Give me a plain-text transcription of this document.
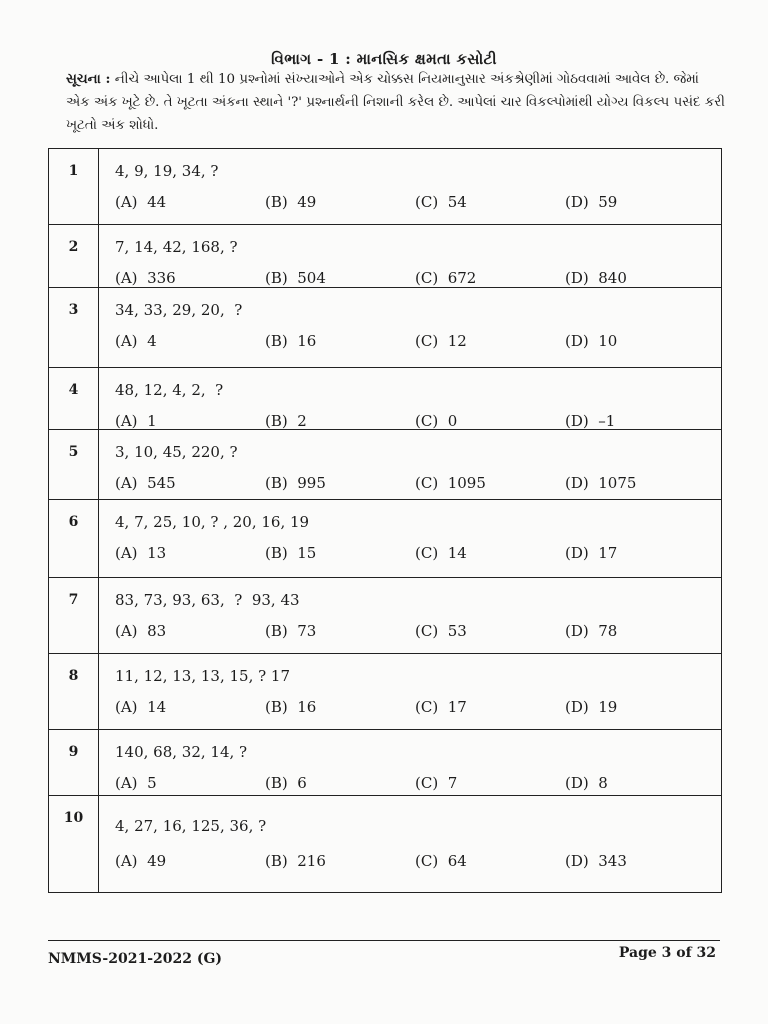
વિભાગ - 1 : માનસિક ક્ષમતા કસોટી
સૂચના : નીચે આપેલા 1 થી 10 પ્રશ્નોમાં સંખ્યાઓને એક ચોક્કસ નિયમાનુસાર અંકશ્રેણીમાં ગોઠવવામાં આવેલ છે. જેમાં એક અંક ખૂટે છે. તે ખૂટતા અંકના સ્થાને '?' પ્રશ્નાર્થની નિશાની કરેલ છે. આપેલાં ચાર વિકલ્પોમાંથી યોગ્ય વિકલ્પ પસંદ કરી ખૂટતો અંક શોધો.
1	4, 9, 19, 34, ?
(A)  44	(B)  49	(C)  54	(D)  59
2	7, 14, 42, 168, ?
(A)  336	(B)  504	(C)  672	(D)  840
3	34, 33, 29, 20,  ?
(A)  4	(B)  16	(C)  12	(D)  10
4	48, 12, 4, 2,  ?
(A)  1	(B)  2	(C)  0	(D)  –1
5	3, 10, 45, 220, ?
(A)  545	(B)  995	(C)  1095	(D)  1075
6	4, 7, 25, 10, ? , 20, 16, 19
(A)  13	(B)  15	(C)  14	(D)  17
7	83, 73, 93, 63,  ?  93, 43
(A)  83	(B)  73	(C)  53	(D)  78
8	11, 12, 13, 13, 15, ? 17
(A)  14	(B)  16	(C)  17	(D)  19
9	140, 68, 32, 14, ?
(A)  5	(B)  6	(C)  7	(D)  8
10	4, 27, 16, 125, 36, ?
(A)  49	(B)  216	(C)  64	(D)  343
NMMS-2021-2022 (G)	Page 3 of 32
